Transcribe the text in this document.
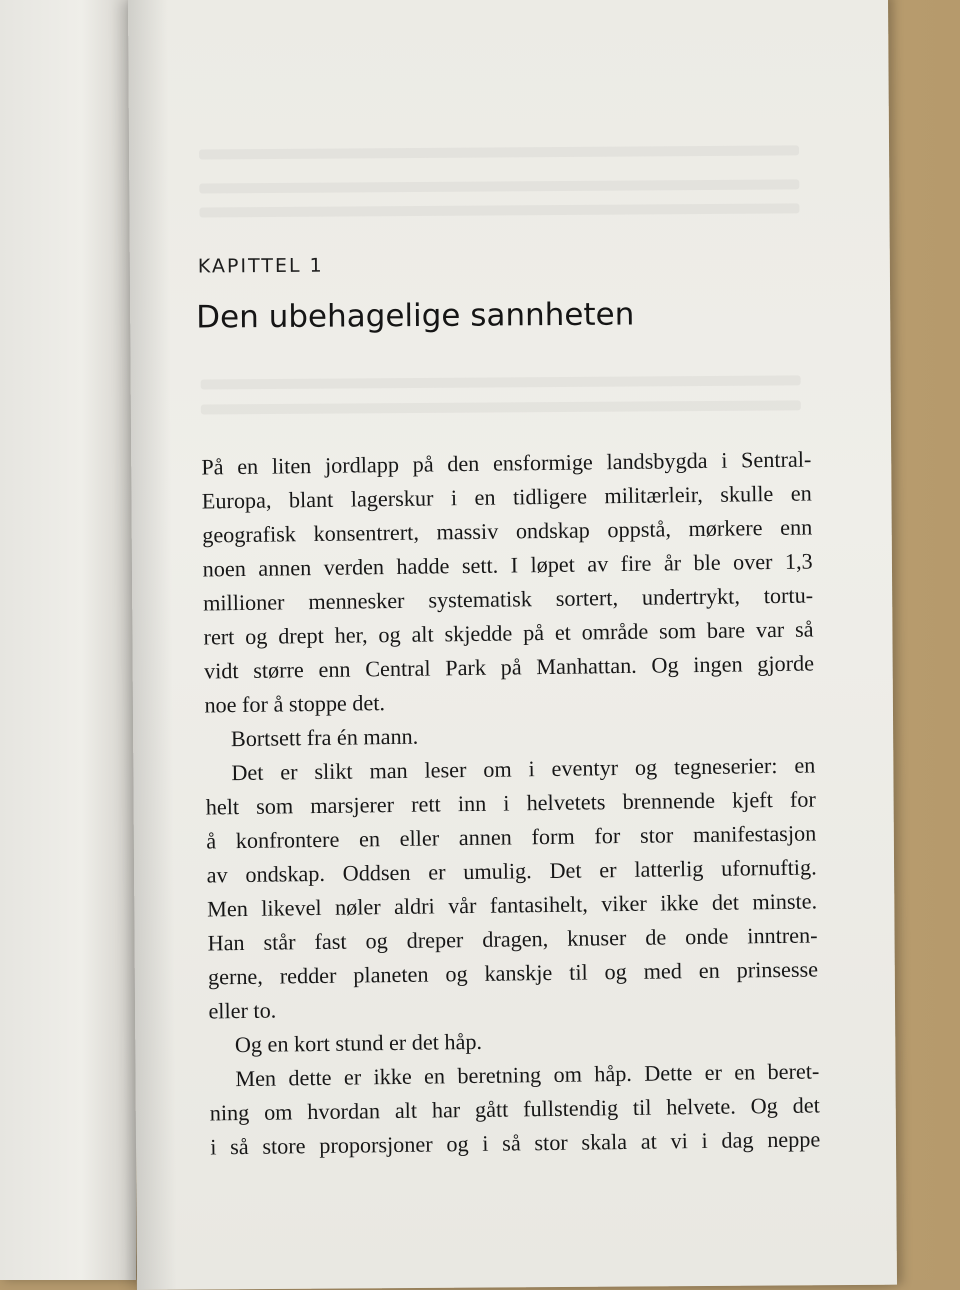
KAPITTEL 1

Den ubehagelige sannheten
På en liten jordlapp på den ensformige landsbygda i Sentral-
Europa, blant lagerskur i en tidligere militærleir, skulle en
geografisk konsentrert, massiv ondskap oppstå, mørkere enn
noen annen verden hadde sett. I løpet av fire år ble over 1,3
millioner mennesker systematisk sortert, undertrykt, tortu-
rert og drept her, og alt skjedde på et område som bare var så
vidt større enn Central Park på Manhattan. Og ingen gjorde
noe for å stoppe det.
Bortsett fra én mann.
Det er slikt man leser om i eventyr og tegneserier: en
helt som marsjerer rett inn i helvetets brennende kjeft for
å konfrontere en eller annen form for stor manifestasjon
av ondskap. Oddsen er umulig. Det er latterlig ufornuftig.
Men likevel nøler aldri vår fantasihelt, viker ikke det minste.
Han står fast og dreper dragen, knuser de onde inntren-
gerne, redder planeten og kanskje til og med en prinsesse
eller to.
Og en kort stund er det håp.
Men dette er ikke en beretning om håp. Dette er en beret-
ning om hvordan alt har gått fullstendig til helvete. Og det
i så store proporsjoner og i så stor skala at vi i dag neppe
